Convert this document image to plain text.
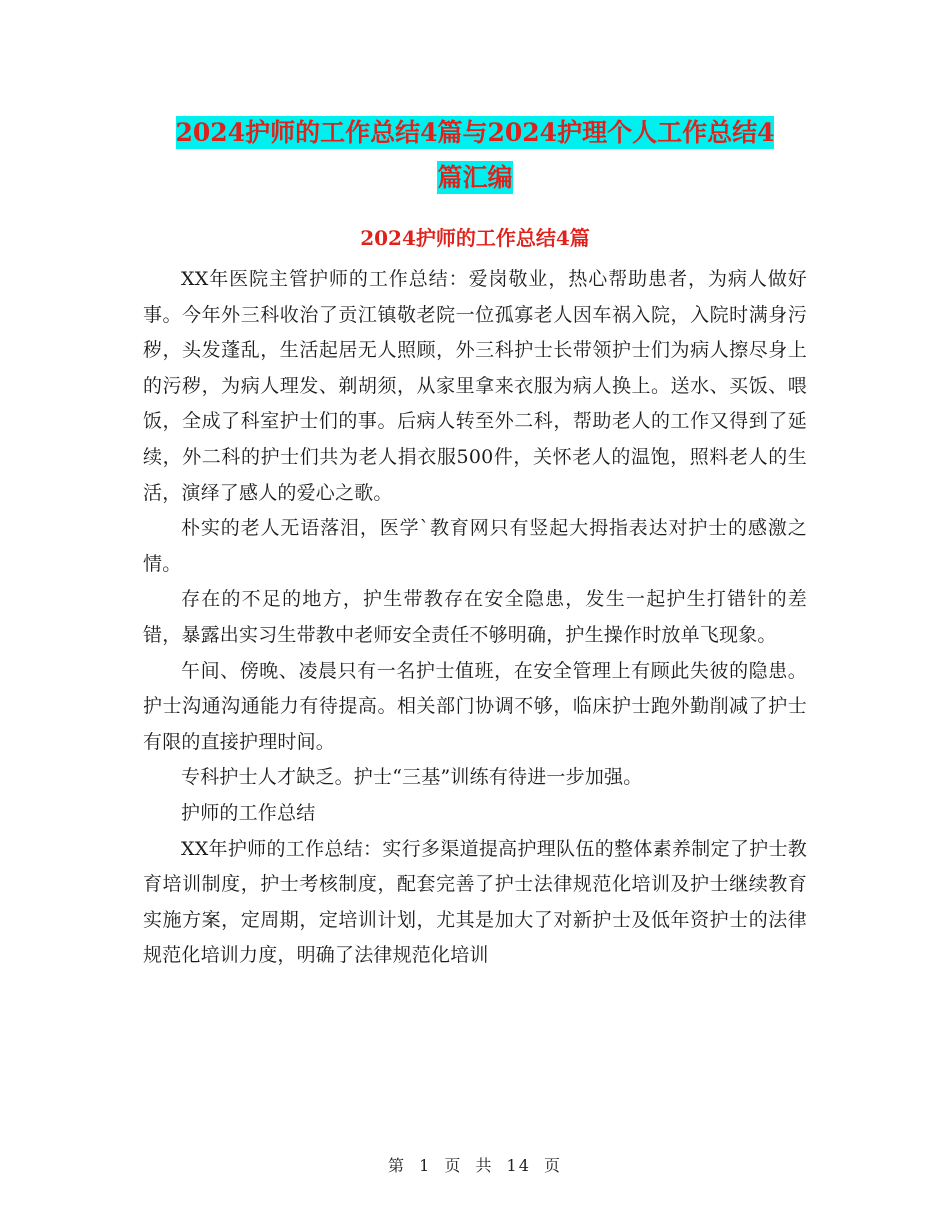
2024护师的工作总结4篇与2024护理个人工作总结4
篇汇编
2024护师的工作总结4篇

XX年医院主管护师的工作总结：爱岗敬业，热心帮助患者，为病人做好事。今年外三科收治了贡江镇敬老院一位孤寡老人因车祸入院，入院时满身污秽，头发蓬乱，生活起居无人照顾，外三科护士长带领护士们为病人擦尽身上的污秽，为病人理发、剃胡须，从家里拿来衣服为病人换上。送水、买饭、喂饭，全成了科室护士们的事。后病人转至外二科，帮助老人的工作又得到了延续，外二科的护士们共为老人捐衣服500件，关怀老人的温饱，照料老人的生活，演绎了感人的爱心之歌。

朴实的老人无语落泪，医学`教育网只有竖起大拇指表达对护士的感激之情。

存在的不足的地方，护生带教存在安全隐患，发生一起护生打错针的差错，暴露出实习生带教中老师安全责任不够明确，护生操作时放单飞现象。

午间、傍晚、凌晨只有一名护士值班，在安全管理上有顾此失彼的隐患。护士沟通沟通能力有待提高。相关部门协调不够，临床护士跑外勤削减了护士有限的直接护理时间。

专科护士人才缺乏。护士“三基”训练有待进一步加强。

护师的工作总结

XX年护师的工作总结：实行多渠道提高护理队伍的整体素养制定了护士教育培训制度，护士考核制度，配套完善了护士法律规范化培训及护士继续教育实施方案，定周期，定培训计划，尤其是加大了对新护士及低年资护士的法律规范化培训力度，明确了法律规范化培训

第 1 页 共 14 页
